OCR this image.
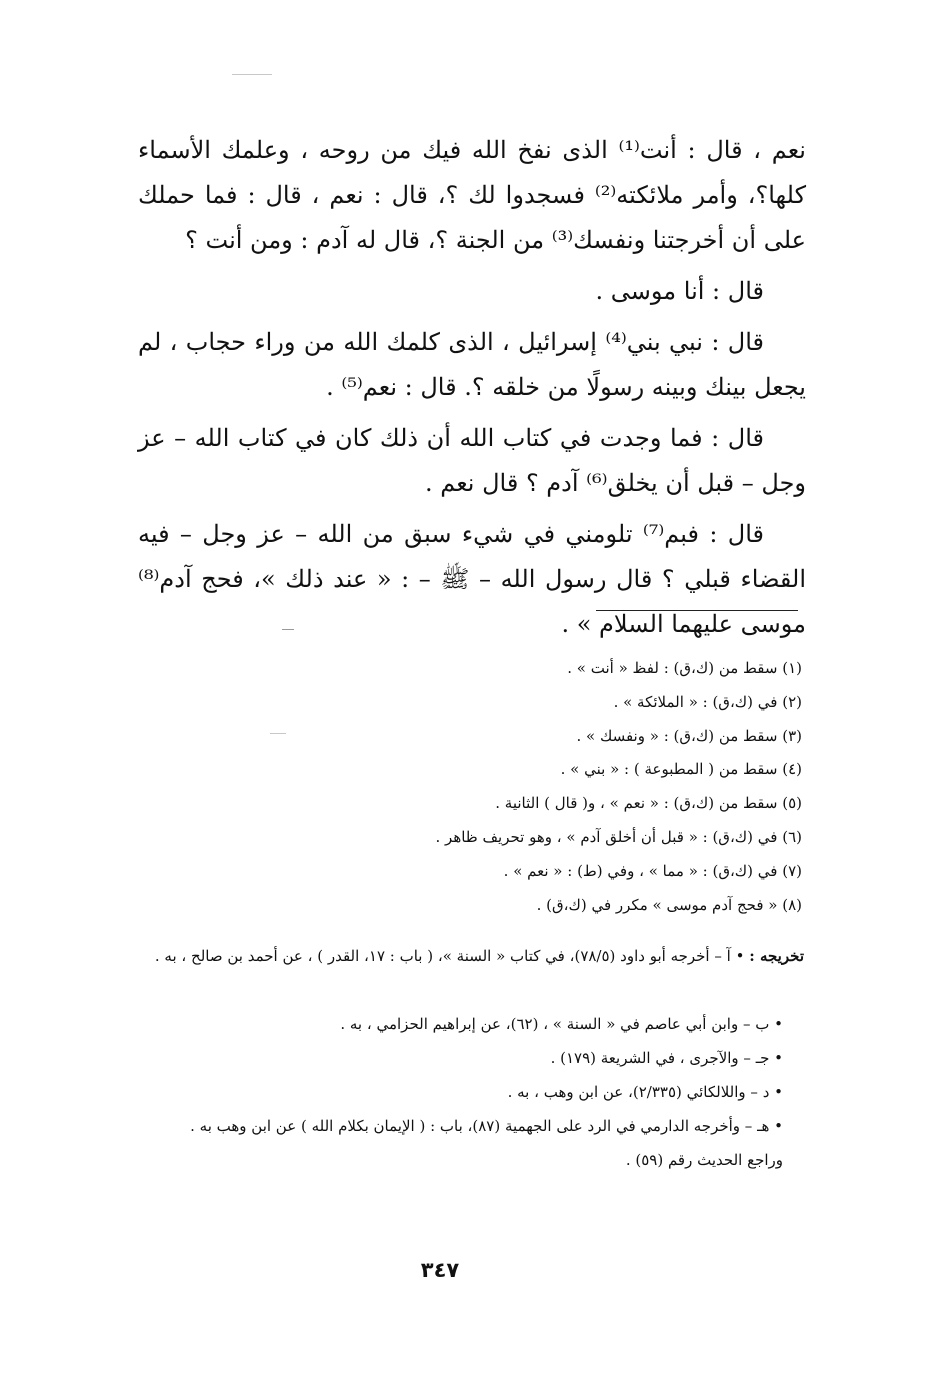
نعم ، قال : أنت⁽¹⁾ الذى نفخ الله فيك من روحه ، وعلمك الأسماء كلها؟، وأمر ملائكته⁽²⁾ فسجدوا لك ؟، قال : نعم ، قال : فما حملك على أن أخرجتنا ونفسك⁽³⁾ من الجنة ؟، قال له آدم : ومن أنت ؟

قال : أنا موسى .

قال : نبي بني⁽⁴⁾ إسرائيل ، الذى كلمك الله من وراء حجاب ، لم يجعل بينك وبينه رسولًا من خلقه ؟. قال : نعم⁽⁵⁾ .

قال : فما وجدت في كتاب الله أن ذلك كان في كتاب الله – عز وجل – قبل أن يخلق⁽⁶⁾ آدم ؟ قال نعم .

قال : فبم⁽⁷⁾ تلومني في شيء سبق من الله – عز وجل – فيه القضاء قبلي ؟ قال رسول الله – ﷺ – : « عند ذلك »، فحج آدم⁽⁸⁾ موسى عليهما السلام » .

(١) سقط من (ك،ق) : لفظ « أنت » .
(٢) في (ك،ق) : « الملائكة » .
(٣) سقط من (ك،ق) : « ونفسك » .
(٤) سقط من ( المطبوعة ) : « بني » .
(٥) سقط من (ك،ق) : « نعم » ، و( قال ) الثانية .
(٦) في (ك،ق) : « قبل أن أخلق آدم » ، وهو تحريف ظاهر .
(٧) في (ك،ق) : « مما » ، وفي (ط) : « نعم » .
(٨) « فحج آدم موسى » مكرر في (ك،ق) .
تخريجه : • آ – أخرجه أبو داود (٧٨/٥)، في كتاب « السنة »، ( باب : ١٧، القدر ) ، عن أحمد بن صالح ، به .
• ب – وابن أبي عاصم في « السنة » ، (٦٢)، عن إبراهيم الحزامي ، به .
• جـ – والآجرى ، في الشريعة (١٧٩) .
• د – واللالكائي (٢/٣٣٥)، عن ابن وهب ، به .
• هـ – وأخرجه الدارمي في الرد على الجهمية (٨٧)، باب : ( الإيمان بكلام الله ) عن ابن وهب به .
وراجع الحديث رقم (٥٩) .
٣٤٧
